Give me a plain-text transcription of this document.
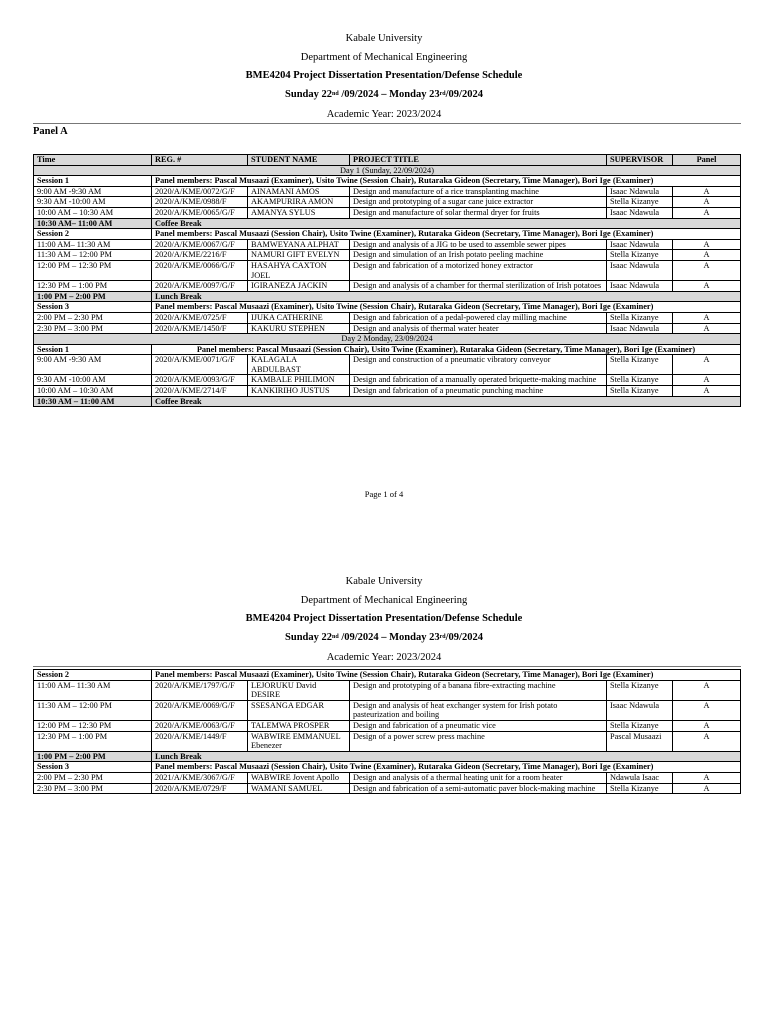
Kabale University
Department of Mechanical Engineering
BME4204 Project Dissertation Presentation/Defense Schedule
Sunday 22nd /09/2024 – Monday 23rd/09/2024
Academic Year: 2023/2024
Panel A
Time	REG. #	STUDENT NAME	PROJECT TITLE	SUPERVISOR	Panel
Day 1 (Sunday, 22/09/2024)					
Session 1	Panel members: Pascal Musaazi (Examiner), Usito Twine (Session Chair), Rutaraka Gideon (Secretary, Time Manager), Bori Ige (Examiner)				
9:00 AM -9:30 AM	2020/A/KME/0072/G/F	AINAMANI AMOS	Design and manufacture of a rice transplanting machine	Isaac Ndawula	A
9:30 AM -10:00 AM	2020/A/KME/0988/F	AKAMPURIRA AMON	Design and prototyping of a sugar cane juice extractor	Stella Kizanye	A
10:00 AM – 10:30 AM	2020/A/KME/0065/G/F	AMANYA SYLUS	Design and manufacture of solar thermal dryer for fruits	Isaac Ndawula	A
10:30 AM– 11:00 AM	Coffee Break				
Session 2	Panel members: Pascal Musaazi (Session Chair), Usito Twine (Examiner), Rutaraka Gideon (Secretary, Time Manager), Bori Ige (Examiner)				
11:00 AM– 11:30 AM	2020/A/KME/0067/G/F	BAMWEYANA ALPHAT	Design and analysis of a JIG to be used to assemble sewer pipes	Isaac Ndawula	A
11:30 AM – 12:00 PM	2020/A/KME/2216/F	NAMURI GIFT EVELYN	Design and simulation of an Irish potato peeling machine	Stella Kizanye	A
12:00 PM – 12:30 PM	2020/A/KME/0066/G/F	HASAHYA CAXTON JOEL	Design and fabrication of a motorized honey extractor	Isaac Ndawula	A
12:30 PM – 1:00 PM	2020/A/KME/0097/G/F	IGIRANEZA JACKIN	Design and analysis of a chamber for thermal sterilization of Irish potatoes	Isaac Ndawula	A
1:00 PM – 2:00 PM	Lunch Break				
Session 3	Panel members: Pascal Musaazi (Examiner), Usito Twine (Session Chair), Rutaraka Gideon (Secretary, Time Manager), Bori Ige (Examiner)				
2:00 PM – 2:30 PM	2020/A/KME/0725/F	IJUKA CATHERINE	Design and fabrication of a pedal-powered clay milling machine	Stella Kizanye	A
2:30 PM – 3:00 PM	2020/A/KME/1450/F	KAKURU STEPHEN	Design and analysis of thermal water heater	Isaac Ndawula	A
Day 2 Monday, 23/09/2024					
Session 1	Panel members: Pascal Musaazi (Session Chair), Usito Twine (Examiner), Rutaraka Gideon (Secretary, Time Manager), Bori Ige (Examiner)				
9:00 AM -9:30 AM	2020/A/KME/0071/G/F	KALAGALA ABDULBAST	Design and construction of a pneumatic vibratory conveyor	Stella Kizanye	A
9:30 AM -10:00 AM	2020/A/KME/0093/G/F	KAMBALE PHILIMON	Design and fabrication of a manually operated briquette-making machine	Stella Kizanye	A
10:00 AM – 10:30 AM	2020/A/KME/2714/F	KANKIRIHO JUSTUS	Design and fabrication of a pneumatic punching machine	Stella Kizanye	A
10:30 AM – 11:00 AM	Coffee Break				
Page 1 of 4
Kabale University
Department of Mechanical Engineering
BME4204 Project Dissertation Presentation/Defense Schedule
Sunday 22nd /09/2024 – Monday 23rd/09/2024
Academic Year: 2023/2024
Session 2	Panel members: Pascal Musaazi (Examiner), Usito Twine (Session Chair), Rutaraka Gideon (Secretary, Time Manager), Bori Ige (Examiner)				
11:00 AM– 11:30 AM	2020/A/KME/1797/G/F	LEJORUKU David DESIRE	Design and prototyping of a banana fibre-extracting machine	Stella Kizanye	A
11:30 AM – 12:00 PM	2020/A/KME/0069/G/F	SSESANGA EDGAR	Design and analysis of heat exchanger system for Irish potato pasteurization and boiling	Isaac Ndawula	A
12:00 PM – 12:30 PM	2020/A/KME/0063/G/F	TALEMWA PROSPER	Design and fabrication of a pneumatic vice	Stella Kizanye	A
12:30 PM – 1:00 PM	2020/A/KME/1449/F	WABWIRE EMMANUEL Ebenezer	Design of a power screw press machine	Pascal Musaazi	A
1:00 PM – 2:00 PM	Lunch Break				
Session 3	Panel members: Pascal Musaazi (Session Chair), Usito Twine (Examiner), Rutaraka Gideon (Secretary, Time Manager), Bori Ige (Examiner)				
2:00 PM – 2:30 PM	2021/A/KME/3067/G/F	WABWIRE Jovent Apollo	Design and analysis of a thermal heating unit for a room heater	Ndawula Isaac	A
2:30 PM – 3:00 PM	2020/A/KME/0729/F	WAMANI SAMUEL	Design and fabrication of a semi-automatic paver block-making machine	Stella Kizanye	A
